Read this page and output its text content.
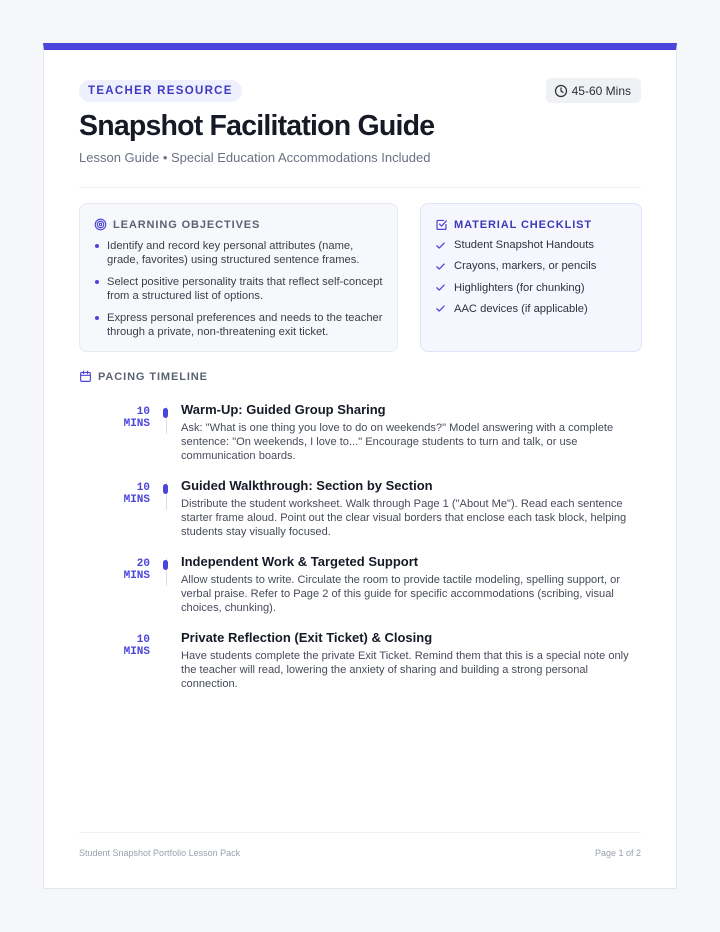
TEACHER RESOURCE	45-60 Mins
Snapshot Facilitation Guide
Lesson Guide • Special Education Accommodations Included
LEARNING OBJECTIVES
Identify and record key personal attributes (name, grade, favorites) using structured sentence frames.
Select positive personality traits that reflect self-concept from a structured list of options.
Express personal preferences and needs to the teacher through a private, non-threatening exit ticket.
MATERIAL CHECKLIST
Student Snapshot Handouts
Crayons, markers, or pencils
Highlighters (for chunking)
AAC devices (if applicable)
PACING TIMELINE
10 MINS
Warm-Up: Guided Group Sharing
Ask: "What is one thing you love to do on weekends?" Model answering with a complete sentence: "On weekends, I love to..." Encourage students to turn and talk, or use communication boards.
10 MINS
Guided Walkthrough: Section by Section
Distribute the student worksheet. Walk through Page 1 ("About Me"). Read each sentence starter frame aloud. Point out the clear visual borders that enclose each task block, helping students stay visually focused.
20 MINS
Independent Work & Targeted Support
Allow students to write. Circulate the room to provide tactile modeling, spelling support, or verbal praise. Refer to Page 2 of this guide for specific accommodations (scribing, visual choices, chunking).
10 MINS
Private Reflection (Exit Ticket) & Closing
Have students complete the private Exit Ticket. Remind them that this is a special note only the teacher will read, lowering the anxiety of sharing and building a strong personal connection.
Student Snapshot Portfolio Lesson Pack	Page 1 of 2
